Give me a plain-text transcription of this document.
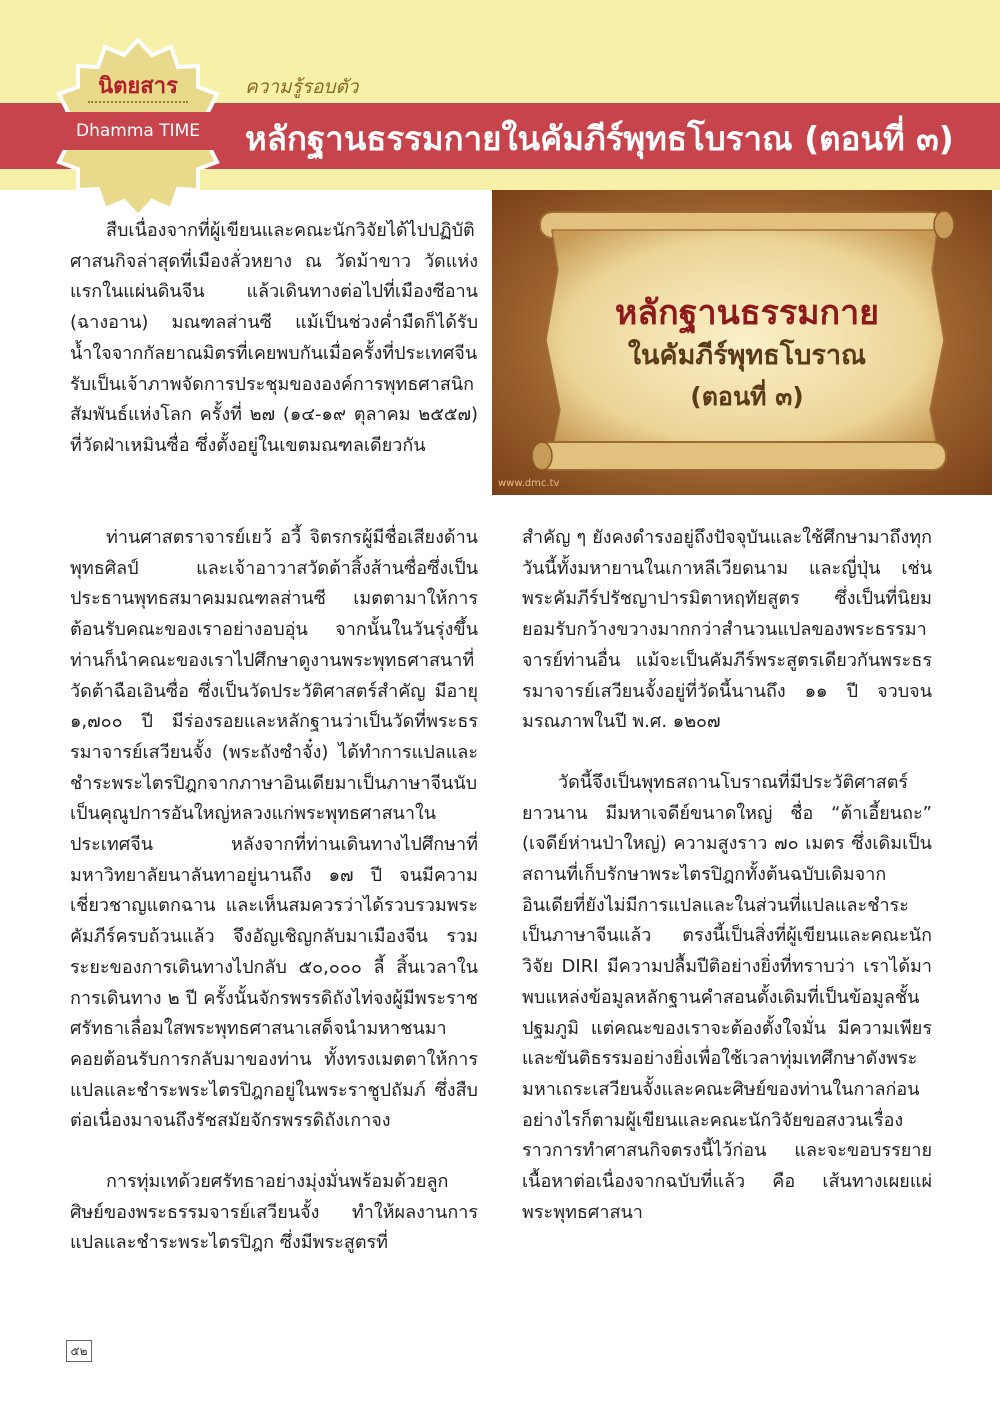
นิตยสาร
Dhamma TIME
ความรู้รอบตัว
หลักฐานธรรมกายในคัมภีร์พุทธโบราณ (ตอนที่ ๓)
หลักฐานธรรมกาย
ในคัมภีร์พุทธโบราณ
(ตอนที่ ๓)
www.dmc.tv

สืบเนื่องจากที่ผู้เขียนและคณะนักวิจัยได้ไปปฏิบัติศาสนกิจล่าสุดที่เมืองลั่วหยาง ณ วัดม้าขาว วัดแห่งแรกในแผ่นดินจีน แล้วเดินทางต่อไปที่เมืองซีอาน (ฉางอาน) มณฑลส่านซี แม้เป็นช่วงค่ำมืดก็ได้รับน้ำใจจากกัลยาณมิตรที่เคยพบกันเมื่อครั้งที่ประเทศจีนรับเป็นเจ้าภาพจัดการประชุมขององค์การพุทธศาสนิกสัมพันธ์แห่งโลก ครั้งที่ ๒๗ (๑๔-๑๙ ตุลาคม ๒๕๕๗) ที่วัดฝ่าเหมินซื่อ ซึ่งตั้งอยู่ในเขตมณฑลเดียวกัน

ท่านศาสตราจารย์เยว้ อวี้ จิตรกรผู้มีชื่อเสียงด้านพุทธศิลป์ และเจ้าอาวาสวัดต้าสิ้งส้านซื่อซึ่งเป็นประธานพุทธสมาคมมณฑลส่านซี เมตตามาให้การต้อนรับคณะของเราอย่างอบอุ่น จากนั้นในวันรุ่งขึ้น ท่านก็นำคณะของเราไปศึกษาดูงานพระพุทธศาสนาที่วัดต้าฉือเอินซื่อ ซึ่งเป็นวัดประวัติศาสตร์สำคัญ มีอายุ ๑,๗๐๐ ปี มีร่องรอยและหลักฐานว่าเป็นวัดที่พระธรรมาจารย์เสวียนจั้ง (พระถังซำจั๋ง) ได้ทำการแปลและชำระพระไตรปิฎกจากภาษาอินเดียมาเป็นภาษาจีนนับเป็นคุณูปการอันใหญ่หลวงแก่พระพุทธศาสนาในประเทศจีน หลังจากที่ท่านเดินทางไปศึกษาที่มหาวิทยาลัยนาลันทาอยู่นานถึง ๑๗ ปี จนมีความเชี่ยวชาญแตกฉาน และเห็นสมควรว่าได้รวบรวมพระคัมภีร์ครบถ้วนแล้ว จึงอัญเชิญกลับมาเมืองจีน รวมระยะของการเดินทางไปกลับ ๕๐,๐๐๐ ลี้ สิ้นเวลาในการเดินทาง ๒ ปี ครั้งนั้นจักรพรรดิถังไท่จงผู้มีพระราชศรัทธาเลื่อมใสพระพุทธศาสนาเสด็จนำมหาชนมาคอยต้อนรับการกลับมาของท่าน ทั้งทรงเมตตาให้การแปลและชำระพระไตรปิฎกอยู่ในพระราชูปถัมภ์ ซึ่งสืบต่อเนื่องมาจนถึงรัชสมัยจักรพรรดิถังเกาจง

การทุ่มเทด้วยศรัทธาอย่างมุ่งมั่นพร้อมด้วยลูกศิษย์ของพระธรรมจารย์เสวียนจั้ง ทำให้ผลงานการแปลและชำระพระไตรปิฎก ซึ่งมีพระสูตรที่

สำคัญ ๆ ยังคงดำรงอยู่ถึงปัจจุบันและใช้ศึกษามาถึงทุกวันนี้ทั้งมหายานในเกาหลีเวียดนาม และญี่ปุ่น เช่น พระคัมภีร์ปรัชญาปารมิตาหฤทัยสูตร ซึ่งเป็นที่นิยมยอมรับกว้างขวางมากกว่าสำนวนแปลของพระธรรมาจารย์ท่านอื่น แม้จะเป็นคัมภีร์พระสูตรเดียวกันพระธรรมาจารย์เสวียนจั้งอยู่ที่วัดนี้นานถึง ๑๑ ปี จวบจนมรณภาพในปี พ.ศ. ๑๒๐๗

วัดนี้จึงเป็นพุทธสถานโบราณที่มีประวัติศาสตร์ยาวนาน มีมหาเจดีย์ขนาดใหญ่ ชื่อ “ต้าเอี้ยนถะ” (เจดีย์ห่านป่าใหญ่) ความสูงราว ๗๐ เมตร ซึ่งเดิมเป็นสถานที่เก็บรักษาพระไตรปิฎกทั้งต้นฉบับเดิมจากอินเดียที่ยังไม่มีการแปลและในส่วนที่แปลและชำระเป็นภาษาจีนแล้ว ตรงนี้เป็นสิ่งที่ผู้เขียนและคณะนักวิจัย DIRI มีความปลื้มปีติอย่างยิ่งที่ทราบว่า เราได้มาพบแหล่งข้อมูลหลักฐานคำสอนดั้งเดิมที่เป็นข้อมูลชั้นปฐมภูมิ แต่คณะของเราจะต้องตั้งใจมั่น มีความเพียรและขันติธรรมอย่างยิ่งเพื่อใช้เวลาทุ่มเทศึกษาดังพระมหาเถระเสวียนจั้งและคณะศิษย์ของท่านในกาลก่อน อย่างไรก็ตามผู้เขียนและคณะนักวิจัยขอสงวนเรื่องราวการทำศาสนกิจตรงนี้ไว้ก่อน และจะขอบรรยายเนื้อหาต่อเนื่องจากฉบับที่แล้ว คือ เส้นทางเผยแผ่พระพุทธศาสนา

๕๒
